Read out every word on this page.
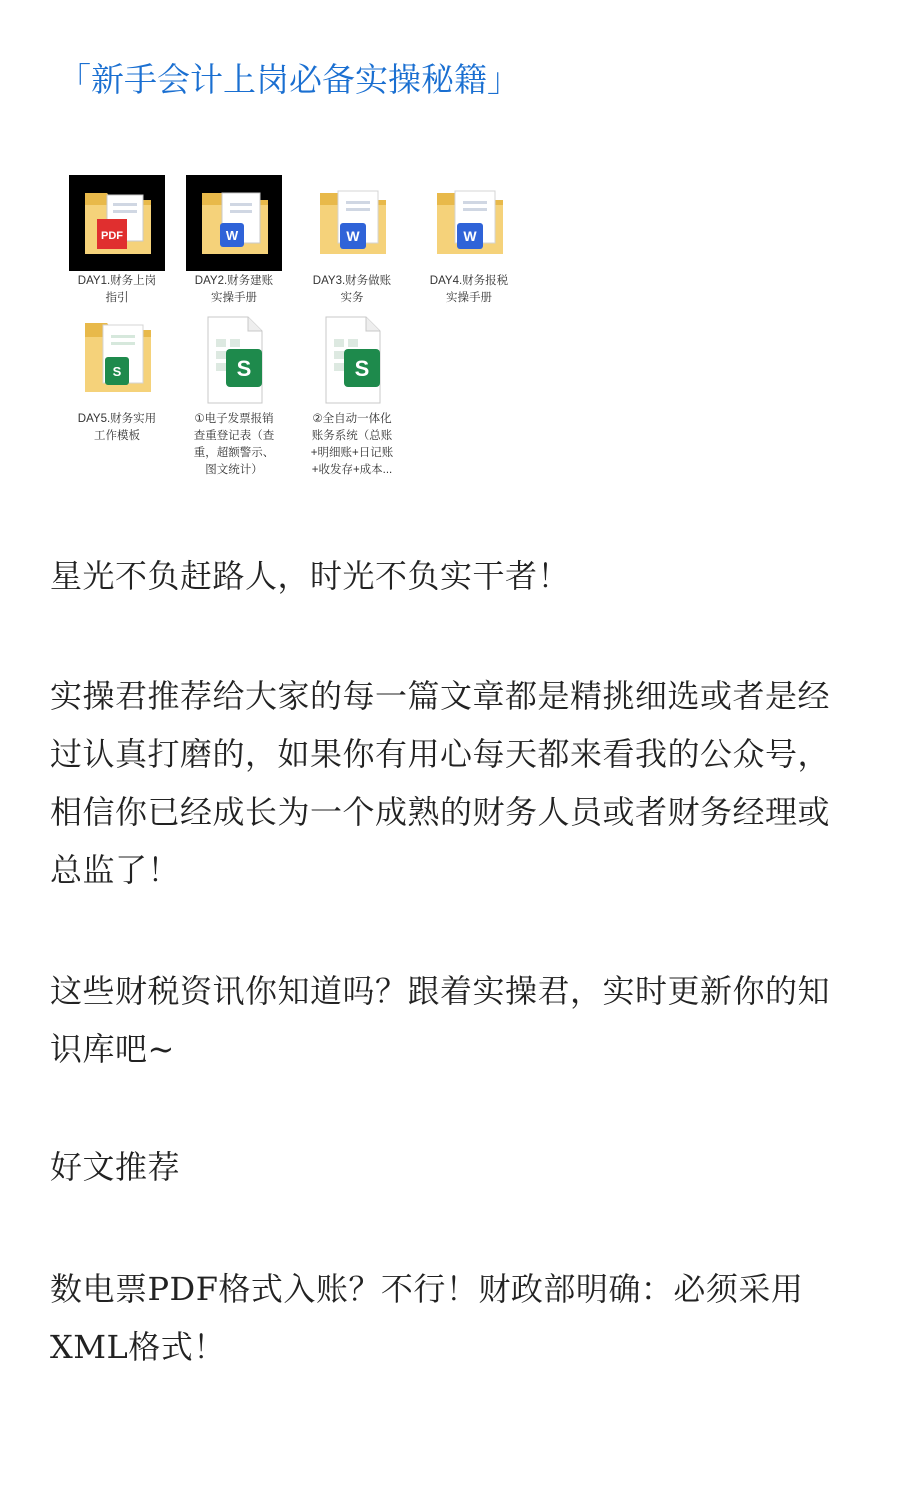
「新手会计上岗必备实操秘籍」
PDF
DAY1.财务上岗
指引
W
DAY2.财务建账
实操手册
W
DAY3.财务做账
实务
W
DAY4.财务报税
实操手册
S
DAY5.财务实用
工作模板
S
①电子发票报销
查重登记表（查
重，超额警示、
图文统计）
S
②全自动一体化
账务系统（总账
+明细账+日记账
+收发存+成本...
星光不负赶路人，时光不负实干者！
实操君推荐给大家的每一篇文章都是精挑细选或者是经过认真打磨的，如果你有用心每天都来看我的公众号，相信你已经成长为一个成熟的财务人员或者财务经理或总监了！
这些财税资讯你知道吗？跟着实操君，实时更新你的知识库吧~
好文推荐
数电票PDF格式入账？不行！财政部明确：必须采用XML格式！
